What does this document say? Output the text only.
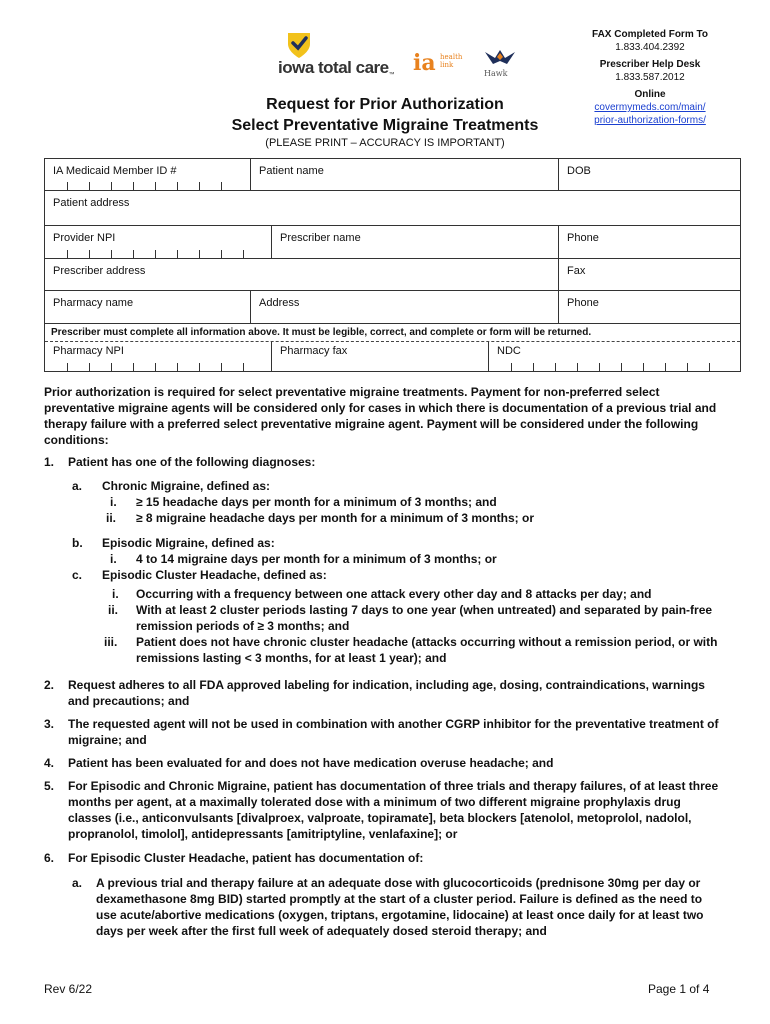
iowa total care™ ia health link
Hawk
FAX Completed Form To
1.833.404.2392
Prescriber Help Desk
1.833.587.2012
Online
covermymeds.com/main/
prior-authorization-forms/
Request for Prior Authorization
Select Preventative Migraine Treatments
(PLEASE PRINT – ACCURACY IS IMPORTANT)
IA Medicaid Member ID #	Patient name	DOB
Patient address
Provider NPI	Prescriber name	Phone
Prescriber address	Fax
Pharmacy name	Address	Phone
Prescriber must complete all information above. It must be legible, correct, and complete or form will be returned.
Pharmacy NPI	Pharmacy fax	NDC

Prior authorization is required for select preventative migraine treatments. Payment for non-preferred select preventative migraine agents will be considered only for cases in which there is documentation of a previous trial and therapy failure with a preferred select preventative migraine agent. Payment will be considered under the following conditions:

1. Patient has one of the following diagnoses:
a. Chronic Migraine, defined as:
i. ≥ 15 headache days per month for a minimum of 3 months; and
ii. ≥ 8 migraine headache days per month for a minimum of 3 months; or
b. Episodic Migraine, defined as:
i. 4 to 14 migraine days per month for a minimum of 3 months; or
c. Episodic Cluster Headache, defined as:
i. Occurring with a frequency between one attack every other day and 8 attacks per day; and
ii. With at least 2 cluster periods lasting 7 days to one year (when untreated) and separated by pain-free remission periods of ≥ 3 months; and
iii. Patient does not have chronic cluster headache (attacks occurring without a remission period, or with remissions lasting < 3 months, for at least 1 year); and
2. Request adheres to all FDA approved labeling for indication, including age, dosing, contraindications, warnings and precautions; and
3. The requested agent will not be used in combination with another CGRP inhibitor for the preventative treatment of migraine; and
4. Patient has been evaluated for and does not have medication overuse headache; and
5. For Episodic and Chronic Migraine, patient has documentation of three trials and therapy failures, of at least three months per agent, at a maximally tolerated dose with a minimum of two different migraine prophylaxis drug classes (i.e., anticonvulsants [divalproex, valproate, topiramate], beta blockers [atenolol, metoprolol, nadolol, propranolol, timolol], antidepressants [amitriptyline, venlafaxine]; or
6. For Episodic Cluster Headache, patient has documentation of:
a. A previous trial and therapy failure at an adequate dose with glucocorticoids (prednisone 30mg per day or dexamethasone 8mg BID) started promptly at the start of a cluster period. Failure is defined as the need to use acute/abortive medications (oxygen, triptans, ergotamine, lidocaine) at least once daily for at least two days per week after the first full week of adequately dosed steroid therapy; and
Rev 6/22	Page 1 of 4
